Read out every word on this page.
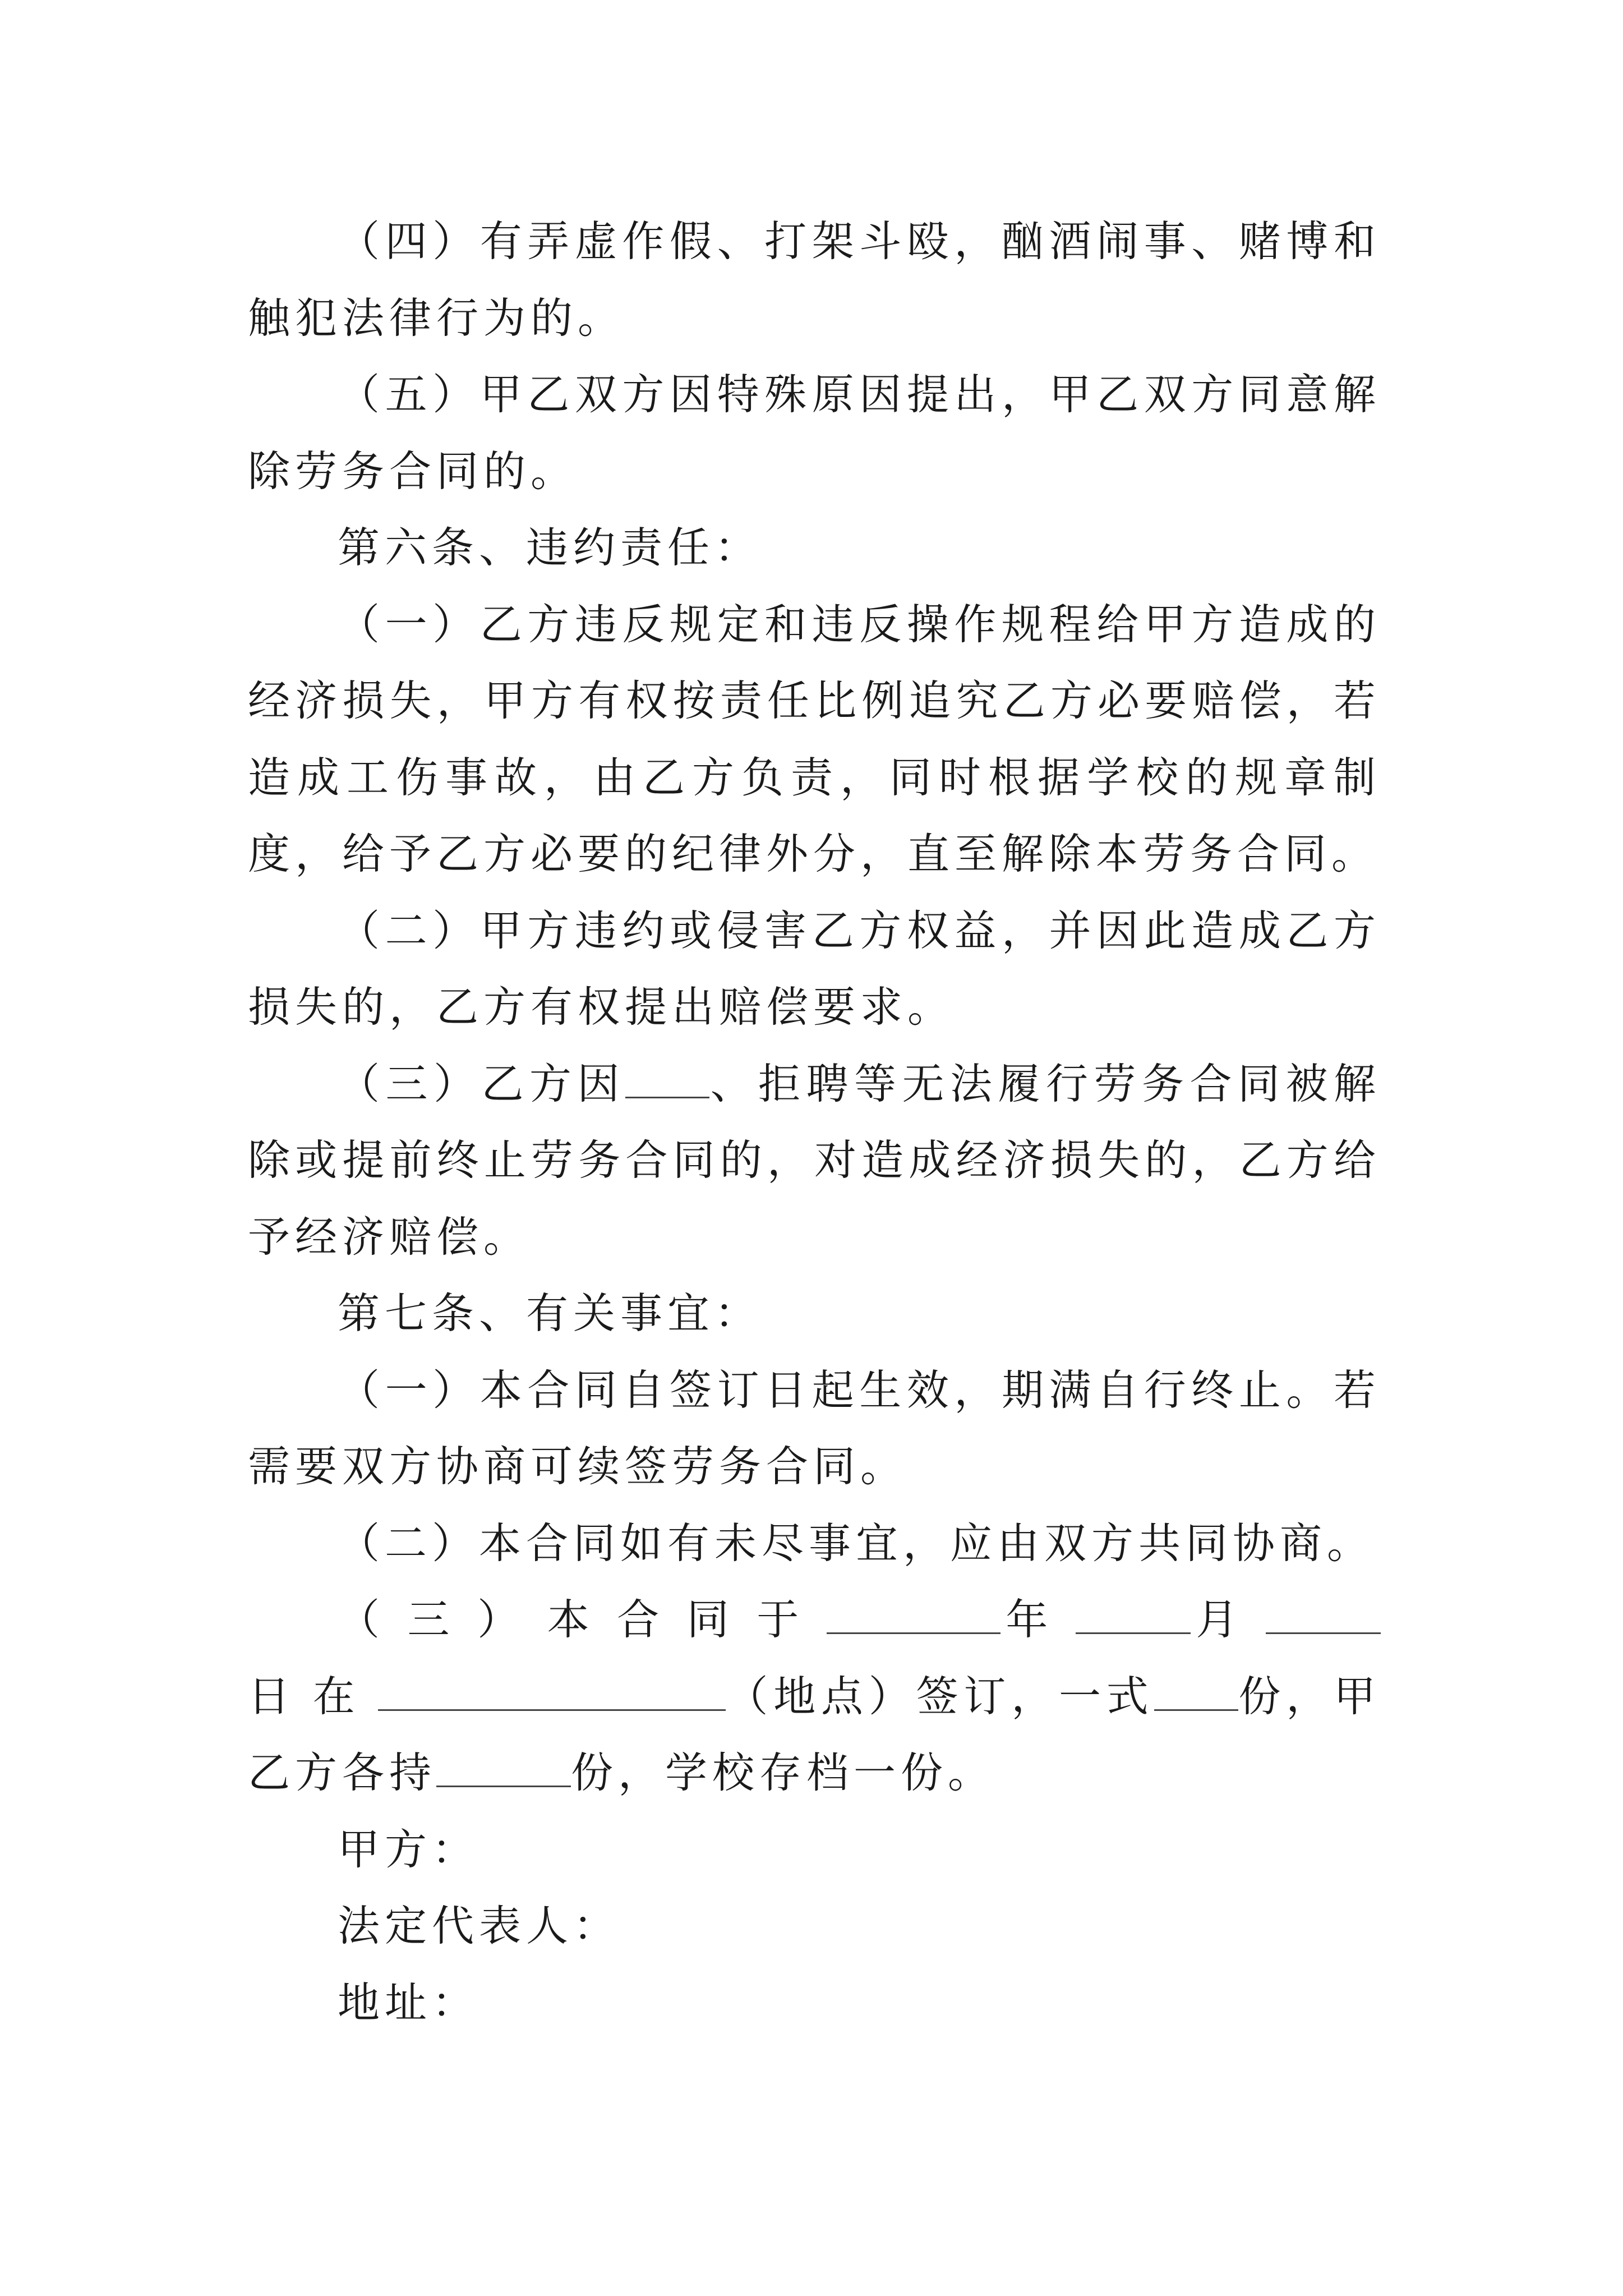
（四）有弄虚作假、打架斗殴，酗酒闹事、赌博和触犯法律行为的。

（五）甲乙双方因特殊原因提出，甲乙双方同意解除劳务合同的。

第六条、违约责任：

（一）乙方违反规定和违反操作规程给甲方造成的经济损失，甲方有权按责任比例追究乙方必要赔偿，若造成工伤事故，由乙方负责，同时根据学校的规章制度，给予乙方必要的纪律外分，直至解除本劳务合同。

（二）甲方违约或侵害乙方权益，并因此造成乙方损失的，乙方有权提出赔偿要求。

（三）乙方因 、拒聘等无法履行劳务合同被解除或提前终止劳务合同的，对造成经济损失的，乙方给予经济赔偿。

第七条、有关事宜：

（一）本合同自签订日起生效，期满自行终止。若需要双方协商可续签劳务合同。

（二）本合同如有未尽事宜，应由双方共同协商。

（三）本合同于	年	月日在	（地点）签订，一式 份，甲乙方各持	份，学校存档一份。

甲方：

法定代表人：

地址：
